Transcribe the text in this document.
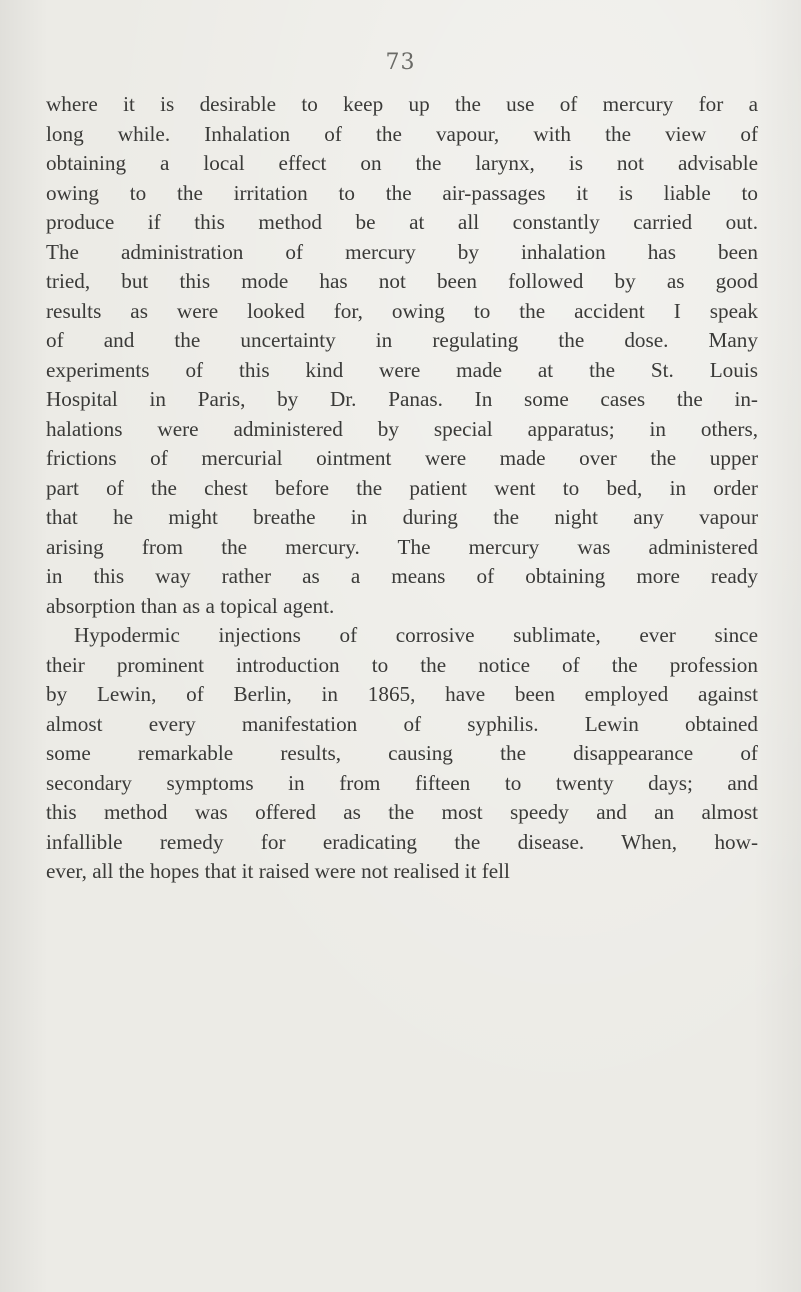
73
where it is desirable to keep up the use of mercury for a
long while. Inhalation of the vapour, with the view of
obtaining a local effect on the larynx, is not advisable
owing to the irritation to the air-passages it is liable to
produce if this method be at all constantly carried out.
The administration of mercury by inhalation has been
tried, but this mode has not been followed by as good
results as were looked for, owing to the accident I speak
of and the uncertainty in regulating the dose. Many
experiments of this kind were made at the St. Louis
Hospital in Paris, by Dr. Panas. In some cases the in-
halations were administered by special apparatus; in others,
frictions of mercurial ointment were made over the upper
part of the chest before the patient went to bed, in order
that he might breathe in during the night any vapour
arising from the mercury. The mercury was administered
in this way rather as a means of obtaining more ready
absorption than as a topical agent.
Hypodermic injections of corrosive sublimate, ever since
their prominent introduction to the notice of the profession
by Lewin, of Berlin, in 1865, have been employed against
almost every manifestation of syphilis. Lewin obtained
some remarkable results, causing the disappearance of
secondary symptoms in from fifteen to twenty days; and
this method was offered as the most speedy and an almost
infallible remedy for eradicating the disease. When, how-
ever, all the hopes that it raised were not realised it fell
